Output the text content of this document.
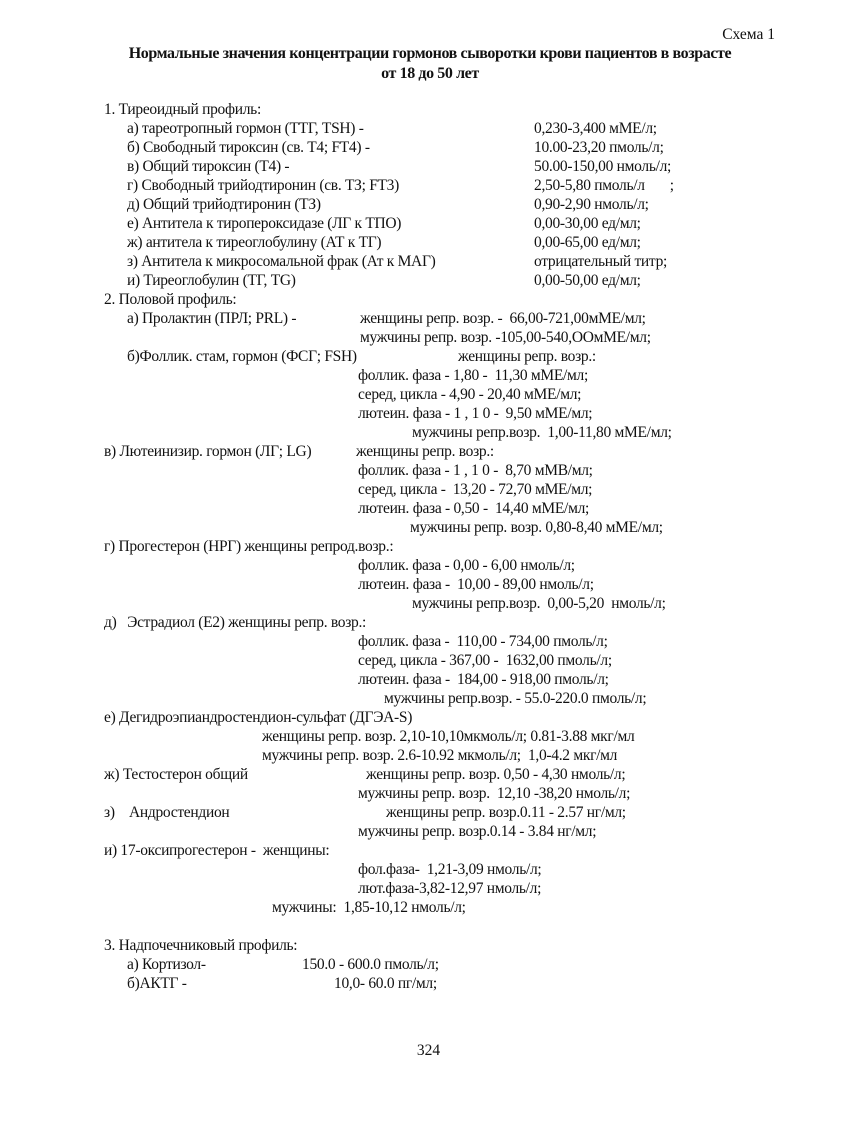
Схема 1
Нормальные значения концентрации гормонов сыворотки крови пациентов в возрасте
от 18 до 50 лет
1. Тиреоидный профиль:
а) тареотропный гормон (ТТГ, TSH) -	0,230-3,400 мМЕ/л;
б) Свободный тироксин (св. Т4; FT4) -	10.00-23,20 пмоль/л;
в) Общий тироксин (Т4) -	50.00-150,00 нмоль/л;
г) Свободный трийодтиронин (св. ТЗ; FT3)	2,50-5,80 пмоль/л       ;
д) Общий трийодтиронин (ТЗ)	0,90-2,90 нмоль/л;
е) Антитела к тиропероксидазе (ЛГ к ТПО)	0,00-30,00 ед/мл;
ж) антитела к тиреоглобулину (АТ к ТГ)	0,00-65,00 ед/мл;
з) Антитела к микросомальной фрак (Ат к МАГ)	отрицательный титр;
и) Тиреоглобулин (ТГ, TG)	0,00-50,00 ед/мл;
2. Половой профиль:
а) Пролактин (ПРЛ; PRL) -	женщины репр. возр. -  66,00-721,00мМЕ/мл;
мужчины репр. возр. -105,00-540,ООмМЕ/мл;
б)Фоллик. стам, гормон (ФСГ; FSH)	женщины репр. возр.:
фоллик. фаза - 1,80 -  11,30 мМЕ/мл;
серед, цикла - 4,90 - 20,40 мМЕ/мл;
лютеин. фаза - 1 , 1 0 -  9,50 мМЕ/мл;
мужчины репр.возр.  1,00-11,80 мМЕ/мл;
в) Лютеинизир. гормон (ЛГ; LG)	женщины репр. возр.:
фоллик. фаза - 1 , 1 0 -  8,70 мМВ/мл;
серед, цикла -  13,20 - 72,70 мМЕ/мл;
лютеин. фаза - 0,50 -  14,40 мМЕ/мл;
мужчины репр. возр. 0,80-8,40 мМЕ/мл;
г) Прогестерон (НРГ) женщины репрод.возр.:
фоллик. фаза - 0,00 - 6,00 нмоль/л;
лютеин. фаза -  10,00 - 89,00 нмоль/л;
мужчины репр.возр.  0,00-5,20  нмоль/л;
д)   Эстрадиол (Е2) женщины репр. возр.:
фоллик. фаза -  110,00 - 734,00 пмоль/л;
серед, цикла - 367,00 -  1632,00 пмоль/л;
лютеин. фаза -  184,00 - 918,00 пмоль/л;
мужчины репр.возр. - 55.0-220.0 пмоль/л;
е) Дегидроэпиандростендион-сульфат (ДГЭА-S)
женщины репр. возр. 2,10-10,10мкмоль/л; 0.81-3.88 мкг/мл
мужчины репр. возр. 2.6-10.92 мкмоль/л;  1,0-4.2 мкг/мл
ж) Тестостерон общий	женщины репр. возр. 0,50 - 4,30 нмоль/л;
мужчины репр. возр.  12,10 -38,20 нмоль/л;
з)    Андростендион	женщины репр. возр.0.11 - 2.57 нг/мл;
мужчины репр. возр.0.14 - 3.84 нг/мл;
и) 17-оксипрогестерон -  женщины:
фол.фаза-  1,21-3,09 нмоль/л;
лют.фаза-3,82-12,97 нмоль/л;
мужчины:  1,85-10,12 нмоль/л;
3. Надпочечниковый профиль:
а) Кортизол-	150.0 - 600.0 пмоль/л;
б)АКТГ -	10,0- 60.0 пг/мл;
324
